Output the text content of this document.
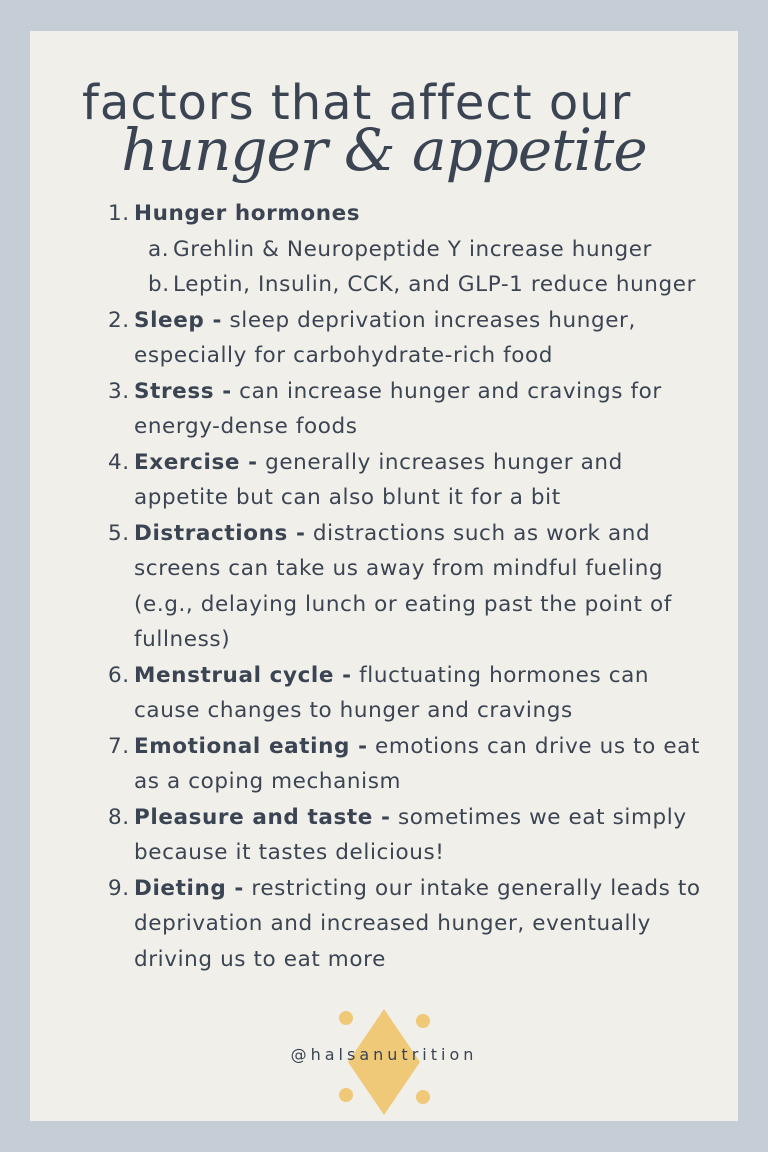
factors that affect our
hunger & appetite
1. Hunger hormones
a. Grehlin & Neuropeptide Y increase hunger
b. Leptin, Insulin, CCK, and GLP-1 reduce hunger
2. Sleep - sleep deprivation increases hunger, especially for carbohydrate-rich food
3. Stress - can increase hunger and cravings for energy-dense foods
4. Exercise - generally increases hunger and appetite but can also blunt it for a bit
5. Distractions - distractions such as work and screens can take us away from mindful fueling (e.g., delaying lunch or eating past the point of fullness)
6. Menstrual cycle - fluctuating hormones can cause changes to hunger and cravings
7. Emotional eating - emotions can drive us to eat as a coping mechanism
8. Pleasure and taste - sometimes we eat simply because it tastes delicious!
9. Dieting - restricting our intake generally leads to deprivation and increased hunger, eventually driving us to eat more
@halsanutrition
